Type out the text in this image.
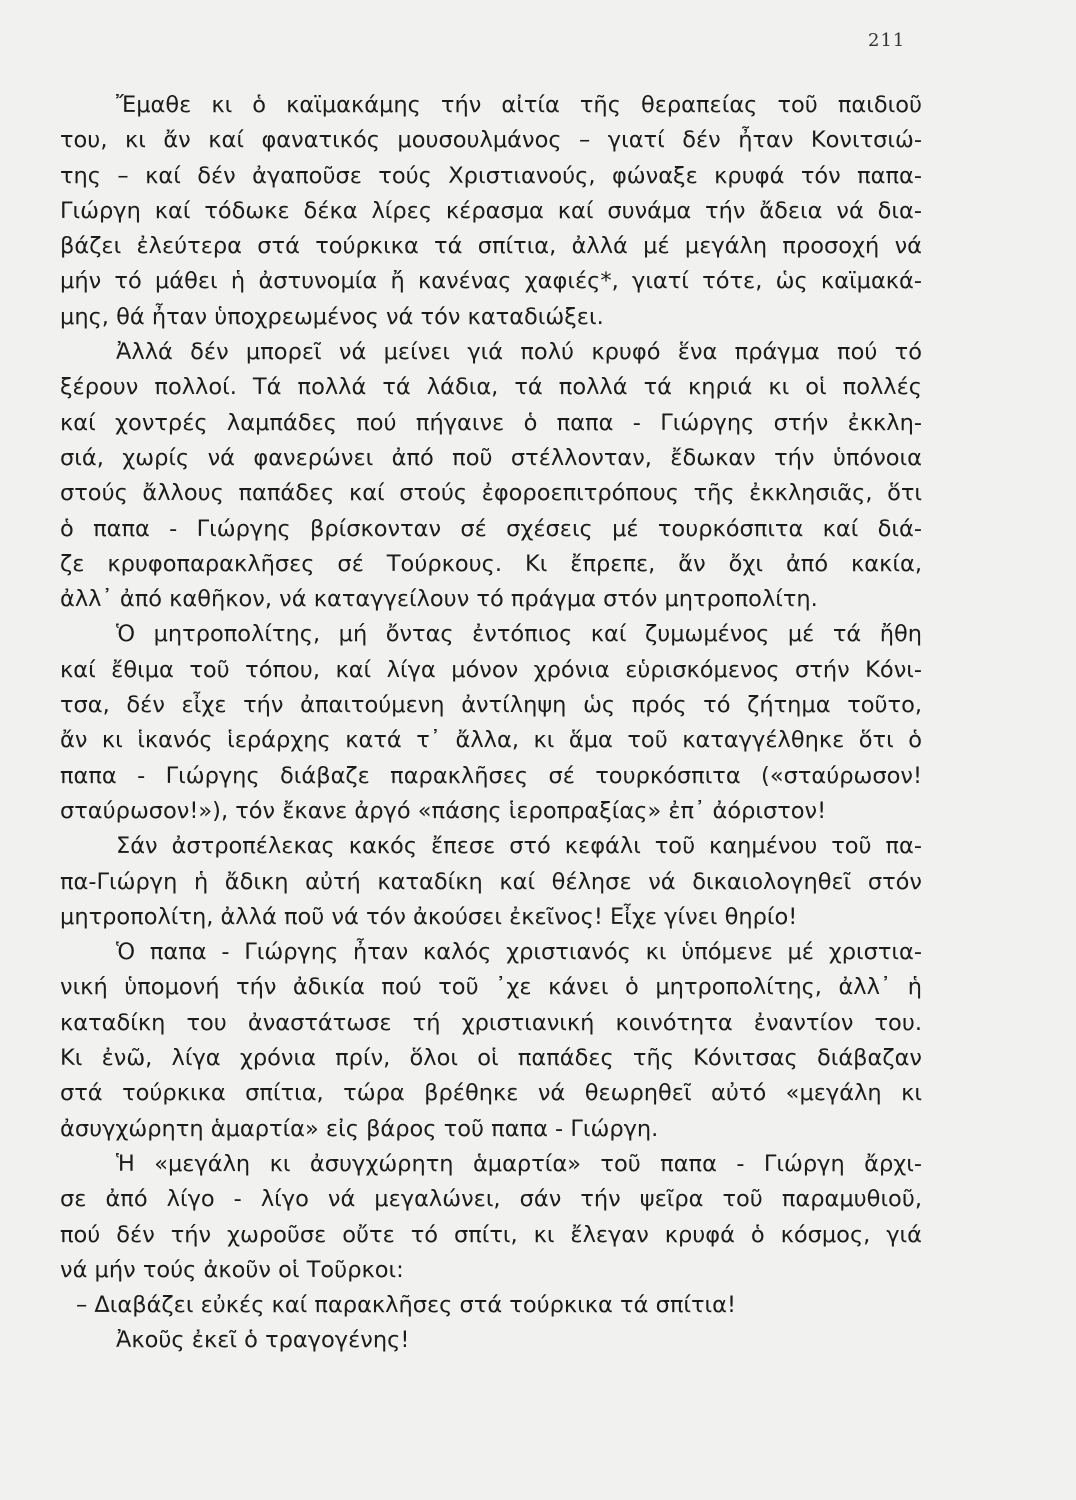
211
Ἔμαθε κι ὁ καϊμακάμης τήν αἰτία τῆς θεραπείας τοῦ παιδιοῦ
του, κι ἄν καί φανατικός μουσουλμάνος – γιατί δέν ἦταν Κονιτσιώ-
της – καί δέν ἀγαποῦσε τούς Χριστιανούς, φώναξε κρυφά τόν παπα-
Γιώργη καί τόδωκε δέκα λίρες κέρασμα καί συνάμα τήν ἄδεια νά δια-
βάζει ἐλεύτερα στά τούρκικα τά σπίτια, ἀλλά μέ μεγάλη προσοχή νά
μήν τό μάθει ἡ ἀστυνομία ἤ κανένας χαφιές*, γιατί τότε, ὡς καϊμακά-
μης, θά ἦταν ὑποχρεωμένος νά τόν καταδιώξει.
Ἀλλά δέν μπορεῖ νά μείνει γιά πολύ κρυφό ἕνα πράγμα πού τό
ξέρουν πολλοί. Τά πολλά τά λάδια, τά πολλά τά κηριά κι οἱ πολλές
καί χοντρές λαμπάδες πού πήγαινε ὁ παπα - Γιώργης στήν ἐκκλη-
σιά, χωρίς νά φανερώνει ἀπό ποῦ στέλλονταν, ἔδωκαν τήν ὑπόνοια
στούς ἄλλους παπάδες καί στούς ἐφοροεπιτρόπους τῆς ἐκκλησιᾶς, ὅτι
ὁ παπα - Γιώργης βρίσκονταν σέ σχέσεις μέ τουρκόσπιτα καί διά-
ζε κρυφοπαρακλῆσες σέ Τούρκους. Κι ἔπρεπε, ἄν ὄχι ἀπό κακία,
ἀλλ᾿ ἀπό καθῆκον, νά καταγγείλουν τό πράγμα στόν μητροπολίτη.
Ὁ μητροπολίτης, μή ὄντας ἐντόπιος καί ζυμωμένος μέ τά ἤθη
καί ἔθιμα τοῦ τόπου, καί λίγα μόνον χρόνια εὑρισκόμενος στήν Κόνι-
τσα, δέν εἶχε τήν ἀπαιτούμενη ἀντίληψη ὡς πρός τό ζήτημα τοῦτο,
ἄν κι ἱκανός ἱεράρχης κατά τ᾿ ἄλλα, κι ἅμα τοῦ καταγγέλθηκε ὅτι ὁ
παπα - Γιώργης διάβαζε παρακλῆσες σέ τουρκόσπιτα («σταύρωσον!
σταύρωσον!»), τόν ἔκανε ἀργό «πάσης ἱεροπραξίας» ἐπ᾿ ἀόριστον!
Σάν ἀστροπέλεκας κακός ἔπεσε στό κεφάλι τοῦ καημένου τοῦ πα-
πα-Γιώργη ἡ ἄδικη αὐτή καταδίκη καί θέλησε νά δικαιολογηθεῖ στόν
μητροπολίτη, ἀλλά ποῦ νά τόν ἀκούσει ἐκεῖνος! Εἶχε γίνει θηρίο!
Ὁ παπα - Γιώργης ἦταν καλός χριστιανός κι ὑπόμενε μέ χριστια-
νική ὑπομονή τήν ἀδικία πού τοῦ ᾿χε κάνει ὁ μητροπολίτης, ἀλλ᾿ ἡ
καταδίκη του ἀναστάτωσε τή χριστιανική κοινότητα ἐναντίον του.
Κι ἐνῶ, λίγα χρόνια πρίν, ὅλοι οἱ παπάδες τῆς Κόνιτσας διάβαζαν
στά τούρκικα σπίτια, τώρα βρέθηκε νά θεωρηθεῖ αὐτό «μεγάλη κι
ἀσυγχώρητη ἁμαρτία» εἰς βάρος τοῦ παπα - Γιώργη.
Ἡ «μεγάλη κι ἀσυγχώρητη ἁμαρτία» τοῦ παπα - Γιώργη ἄρχι-
σε ἀπό λίγο - λίγο νά μεγαλώνει, σάν τήν ψεῖρα τοῦ παραμυθιοῦ,
πού δέν τήν χωροῦσε οὔτε τό σπίτι, κι ἔλεγαν κρυφά ὁ κόσμος, γιά
νά μήν τούς ἀκοῦν οἱ Τοῦρκοι:
– Διαβάζει εὐκές καί παρακλῆσες στά τούρκικα τά σπίτια!
Ἀκοῦς ἐκεῖ ὁ τραγογένης!
